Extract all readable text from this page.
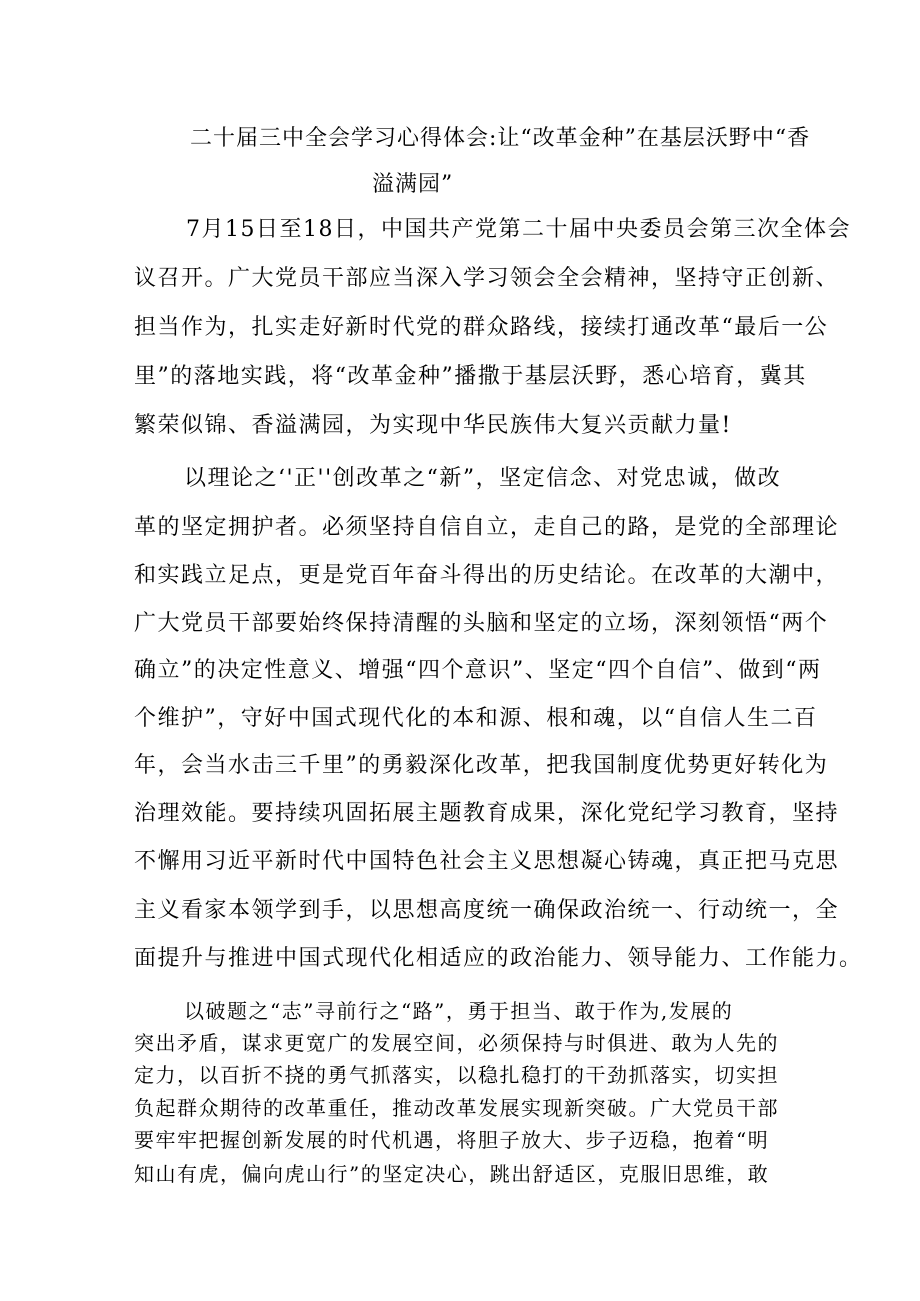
二十届三中全会学习心得体会:让“改革金种”在基层沃野中“香
溢满园”
7月15日至18日，中国共产党第二十届中央委员会第三次全体会
议召开。广大党员干部应当深入学习领会全会精神，坚持守正创新、
担当作为，扎实走好新时代党的群众路线，接续打通改革“最后一公
里”的落地实践，将“改革金种”播撒于基层沃野，悉心培育，冀其
繁荣似锦、香溢满园，为实现中华民族伟大复兴贡献力量!
以理论之‘'正''创改革之“新”，坚定信念、对党忠诚，做改
革的坚定拥护者。必须坚持自信自立，走自己的路，是党的全部理论
和实践立足点，更是党百年奋斗得出的历史结论。在改革的大潮中，
广大党员干部要始终保持清醒的头脑和坚定的立场，深刻领悟“两个
确立”的决定性意义、增强“四个意识”、坚定“四个自信”、做到“两
个维护”，守好中国式现代化的本和源、根和魂，以“自信人生二百
年，会当水击三千里”的勇毅深化改革，把我国制度优势更好转化为
治理效能。要持续巩固拓展主题教育成果，深化党纪学习教育，坚持
不懈用习近平新时代中国特色社会主义思想凝心铸魂，真正把马克思
主义看家本领学到手，以思想高度统一确保政治统一、行动统一，全
面提升与推进中国式现代化相适应的政治能力、领导能力、工作能力。
以破题之“志”寻前行之“路”，勇于担当、敢于作为,发展的
突出矛盾，谋求更宽广的发展空间，必须保持与时俱进、敢为人先的
定力，以百折不挠的勇气抓落实，以稳扎稳打的干劲抓落实，切实担
负起群众期待的改革重任，推动改革发展实现新突破。广大党员干部
要牢牢把握创新发展的时代机遇，将胆子放大、步子迈稳，抱着“明
知山有虎，偏向虎山行”的坚定决心，跳出舒适区，克服旧思维，敢
